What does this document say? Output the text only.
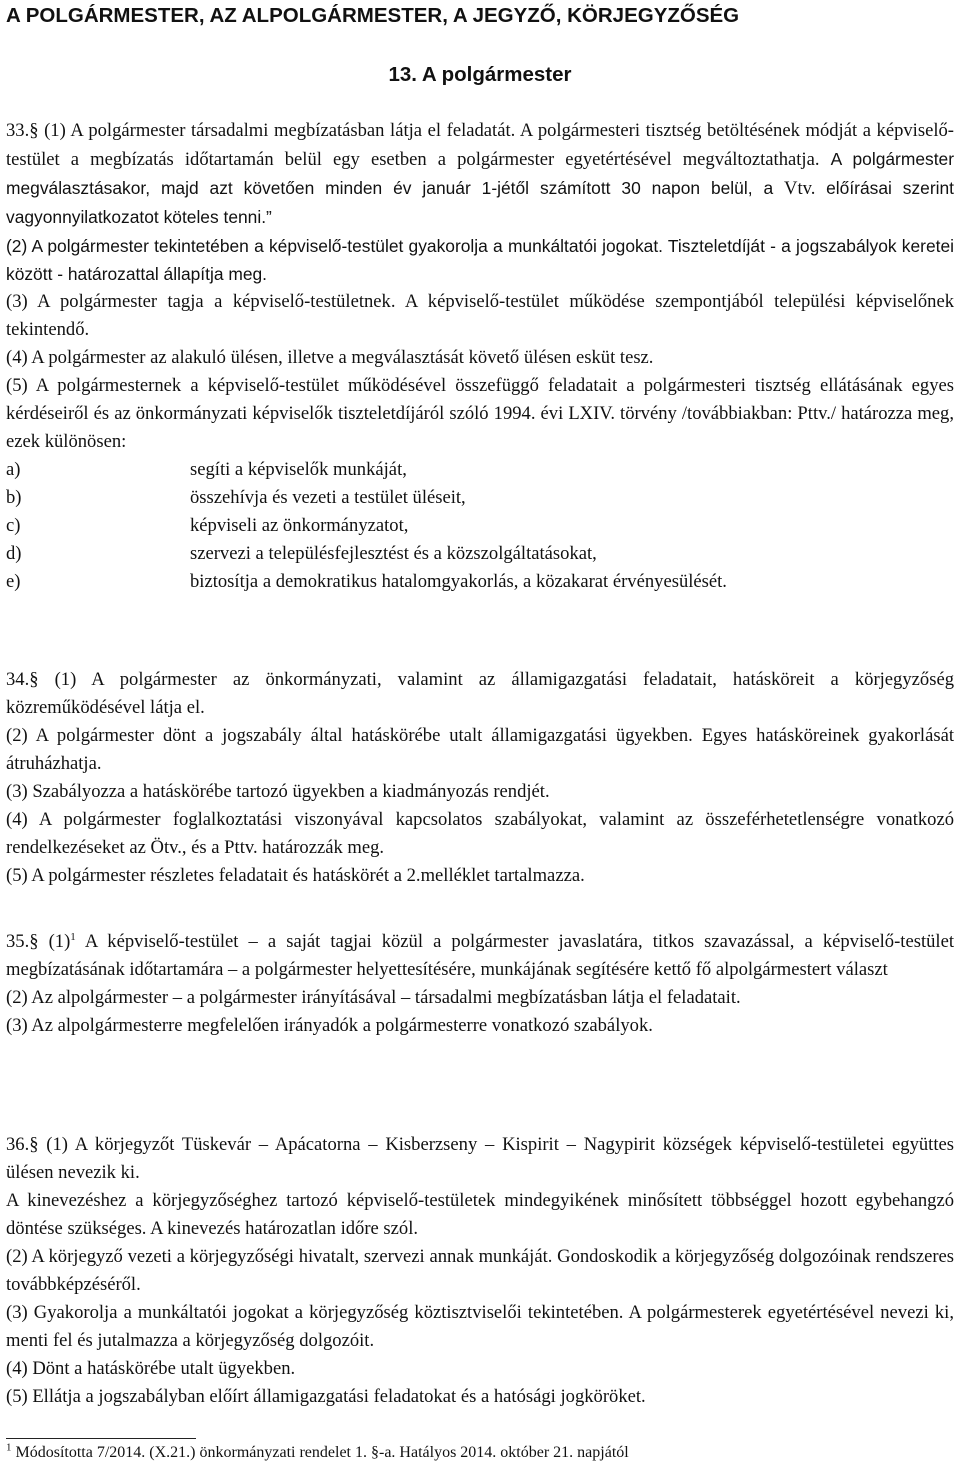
A POLGÁRMESTER, AZ ALPOLGÁRMESTER, A JEGYZŐ, KÖRJEGYZŐSÉG
13. A polgármester

33.§ (1) A polgármester társadalmi megbízatásban látja el feladatát. A polgármesteri tisztség betöltésének módját a képviselő-testület a megbízatás időtartamán belül egy esetben a polgármester egyetértésével megváltoztathatja. A polgármester megválasztásakor, majd azt követően minden év január 1-jétől számított 30 napon belül, a Vtv. előírásai szerint vagyonnyilatkozatot köteles tenni.”

(2) A polgármester tekintetében a képviselő-testület gyakorolja a munkáltatói jogokat. Tiszteletdíját - a jogszabályok keretei között - határozattal állapítja meg.

(3) A polgármester tagja a képviselő-testületnek. A képviselő-testület működése szempontjából települési képviselőnek tekintendő.

(4) A polgármester az alakuló ülésen, illetve a megválasztását követő ülésen esküt tesz.

(5) A polgármesternek a képviselő-testület működésével összefüggő feladatait a polgármesteri tisztség ellátásának egyes kérdéseiről és az önkormányzati képviselők tiszteletdíjáról szóló 1994. évi LXIV. törvény /továbbiakban: Pttv./ határozza meg, ezek különösen:

a)	segíti a képviselők munkáját,
b)	összehívja és vezeti a testület üléseit,
c)	képviseli az önkormányzatot,
d)	szervezi a településfejlesztést és a közszolgáltatásokat,
e)	biztosítja a demokratikus hatalomgyakorlás, a közakarat érvényesülését.

34.§ (1) A polgármester az önkormányzati, valamint az államigazgatási feladatait, hatásköreit a körjegyzőség közreműködésével látja el.

(2) A polgármester dönt a jogszabály által hatáskörébe utalt államigazgatási ügyekben. Egyes hatásköreinek gyakorlását átruházhatja.

(3) Szabályozza a hatáskörébe tartozó ügyekben a kiadmányozás rendjét.

(4) A polgármester foglalkoztatási viszonyával kapcsolatos szabályokat, valamint az összeférhetetlenségre vonatkozó rendelkezéseket az Ötv., és a Pttv. határozzák meg.

(5) A polgármester részletes feladatait és hatáskörét a 2.melléklet tartalmazza.

35.§ $(1)^1$ A képviselő-testület – a saját tagjai közül a polgármester javaslatára, titkos szavazással, a képviselő-testület megbízatásának időtartamára – a polgármester helyettesítésére, munkájának segítésére kettő fő alpolgármestert választ

(2) Az alpolgármester – a polgármester irányításával – társadalmi megbízatásban látja el feladatait.

(3) Az alpolgármesterre megfelelően irányadók a polgármesterre vonatkozó szabályok.

36.§ (1) A körjegyzőt Tüskevár – Apácatorna – Kisberzseny – Kispirit – Nagypirit községek képviselő-testületei együttes ülésen nevezik ki.

A kinevezéshez a körjegyzőséghez tartozó képviselő-testületek mindegyikének minősített többséggel hozott egybehangzó döntése szükséges. A kinevezés határozatlan időre szól.

(2) A körjegyző vezeti a körjegyzőségi hivatalt, szervezi annak munkáját. Gondoskodik a körjegyzőség dolgozóinak rendszeres továbbképzéséről.

(3) Gyakorolja a munkáltatói jogokat a körjegyzőség köztisztviselői tekintetében. A polgármesterek egyetértésével nevezi ki, menti fel és jutalmazza a körjegyzőség dolgozóit.

(4) Dönt a hatáskörébe utalt ügyekben.

(5) Ellátja a jogszabályban előírt államigazgatási feladatokat és a hatósági jogköröket.

$^1$ Módosította 7/2014. (X.21.) önkormányzati rendelet 1. §-a. Hatályos 2014. október 21. napjától
